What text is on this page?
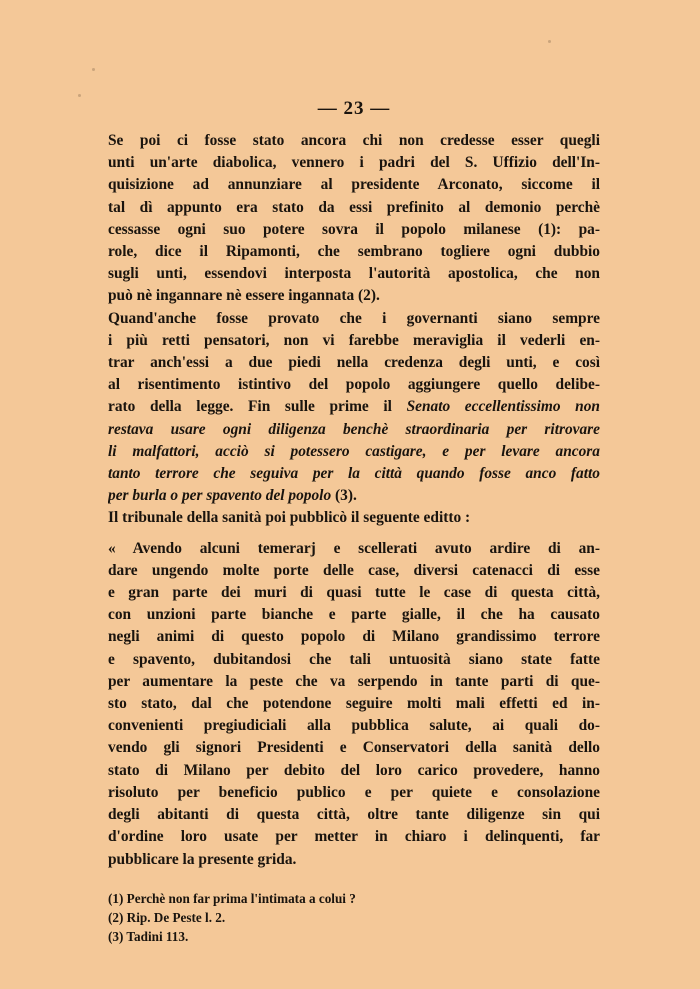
— 23 —
Se poi ci fosse stato ancora chi non credesse esser quegli
unti un'arte diabolica, vennero i padri del S. Uffizio dell'In-
quisizione ad annunziare al presidente Arconato, siccome il
tal dì appunto era stato da essi prefinito al demonio perchè
cessasse ogni suo potere sovra il popolo milanese (1): pa-
role, dice il Ripamonti, che sembrano togliere ogni dubbio
sugli unti, essendovi interposta l'autorità apostolica, che non
può nè ingannare nè essere ingannata (2).
Quand'anche fosse provato che i governanti siano sempre
i più retti pensatori, non vi farebbe meraviglia il vederli en-
trar anch'essi a due piedi nella credenza degli unti, e così
al risentimento istintivo del popolo aggiungere quello delibe-
rato della legge. Fin sulle prime il Senato eccellentissimo non
restava usare ogni diligenza benchè straordinaria per ritrovare
li malfattori, acciò si potessero castigare, e per levare ancora
tanto terrore che seguiva per la città quando fosse anco fatto
per burla o per spavento del popolo (3).
Il tribunale della sanità poi pubblicò il seguente editto :
« Avendo alcuni temerarj e scellerati avuto ardire di an-
dare ungendo molte porte delle case, diversi catenacci di esse
e gran parte dei muri di quasi tutte le case di questa città,
con unzioni parte bianche e parte gialle, il che ha causato
negli animi di questo popolo di Milano grandissimo terrore
e spavento, dubitandosi che tali untuosità siano state fatte
per aumentare la peste che va serpendo in tante parti di que-
sto stato, dal che potendone seguire molti mali effetti ed in-
convenienti pregiudiciali alla pubblica salute, ai quali do-
vendo gli signori Presidenti e Conservatori della sanità dello
stato di Milano per debito del loro carico provedere, hanno
risoluto per beneficio publico e per quiete e consolazione
degli abitanti di questa città, oltre tante diligenze sin qui
d'ordine loro usate per metter in chiaro i delinquenti, far
pubblicare la presente grida.
(1) Perchè non far prima l'intimata a colui ?
(2) Rip. De Peste l. 2.
(3) Tadini 113.
